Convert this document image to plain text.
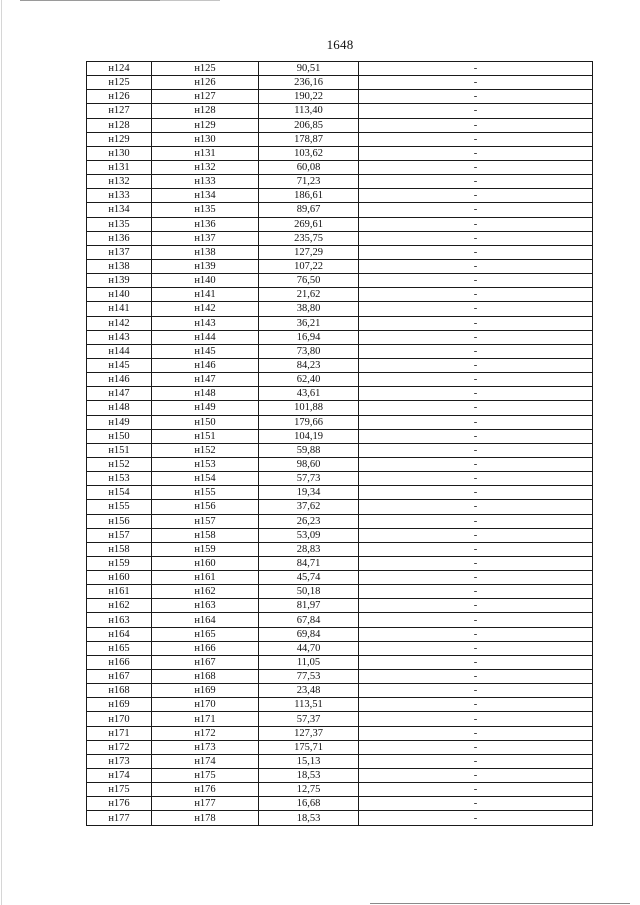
1648
н124	н125	90,51	-
н125	н126	236,16	-
н126	н127	190,22	-
н127	н128	113,40	-
н128	н129	206,85	-
н129	н130	178,87	-
н130	н131	103,62	-
н131	н132	60,08	-
н132	н133	71,23	-
н133	н134	186,61	-
н134	н135	89,67	-
н135	н136	269,61	-
н136	н137	235,75	-
н137	н138	127,29	-
н138	н139	107,22	-
н139	н140	76,50	-
н140	н141	21,62	-
н141	н142	38,80	-
н142	н143	36,21	-
н143	н144	16,94	-
н144	н145	73,80	-
н145	н146	84,23	-
н146	н147	62,40	-
н147	н148	43,61	-
н148	н149	101,88	-
н149	н150	179,66	-
н150	н151	104,19	-
н151	н152	59,88	-
н152	н153	98,60	-
н153	н154	57,73	-
н154	н155	19,34	-
н155	н156	37,62	-
н156	н157	26,23	-
н157	н158	53,09	-
н158	н159	28,83	-
н159	н160	84,71	-
н160	н161	45,74	-
н161	н162	50,18	-
н162	н163	81,97	-
н163	н164	67,84	-
н164	н165	69,84	-
н165	н166	44,70	-
н166	н167	11,05	-
н167	н168	77,53	-
н168	н169	23,48	-
н169	н170	113,51	-
н170	н171	57,37	-
н171	н172	127,37	-
н172	н173	175,71	-
н173	н174	15,13	-
н174	н175	18,53	-
н175	н176	12,75	-
н176	н177	16,68	-
н177	н178	18,53	-
